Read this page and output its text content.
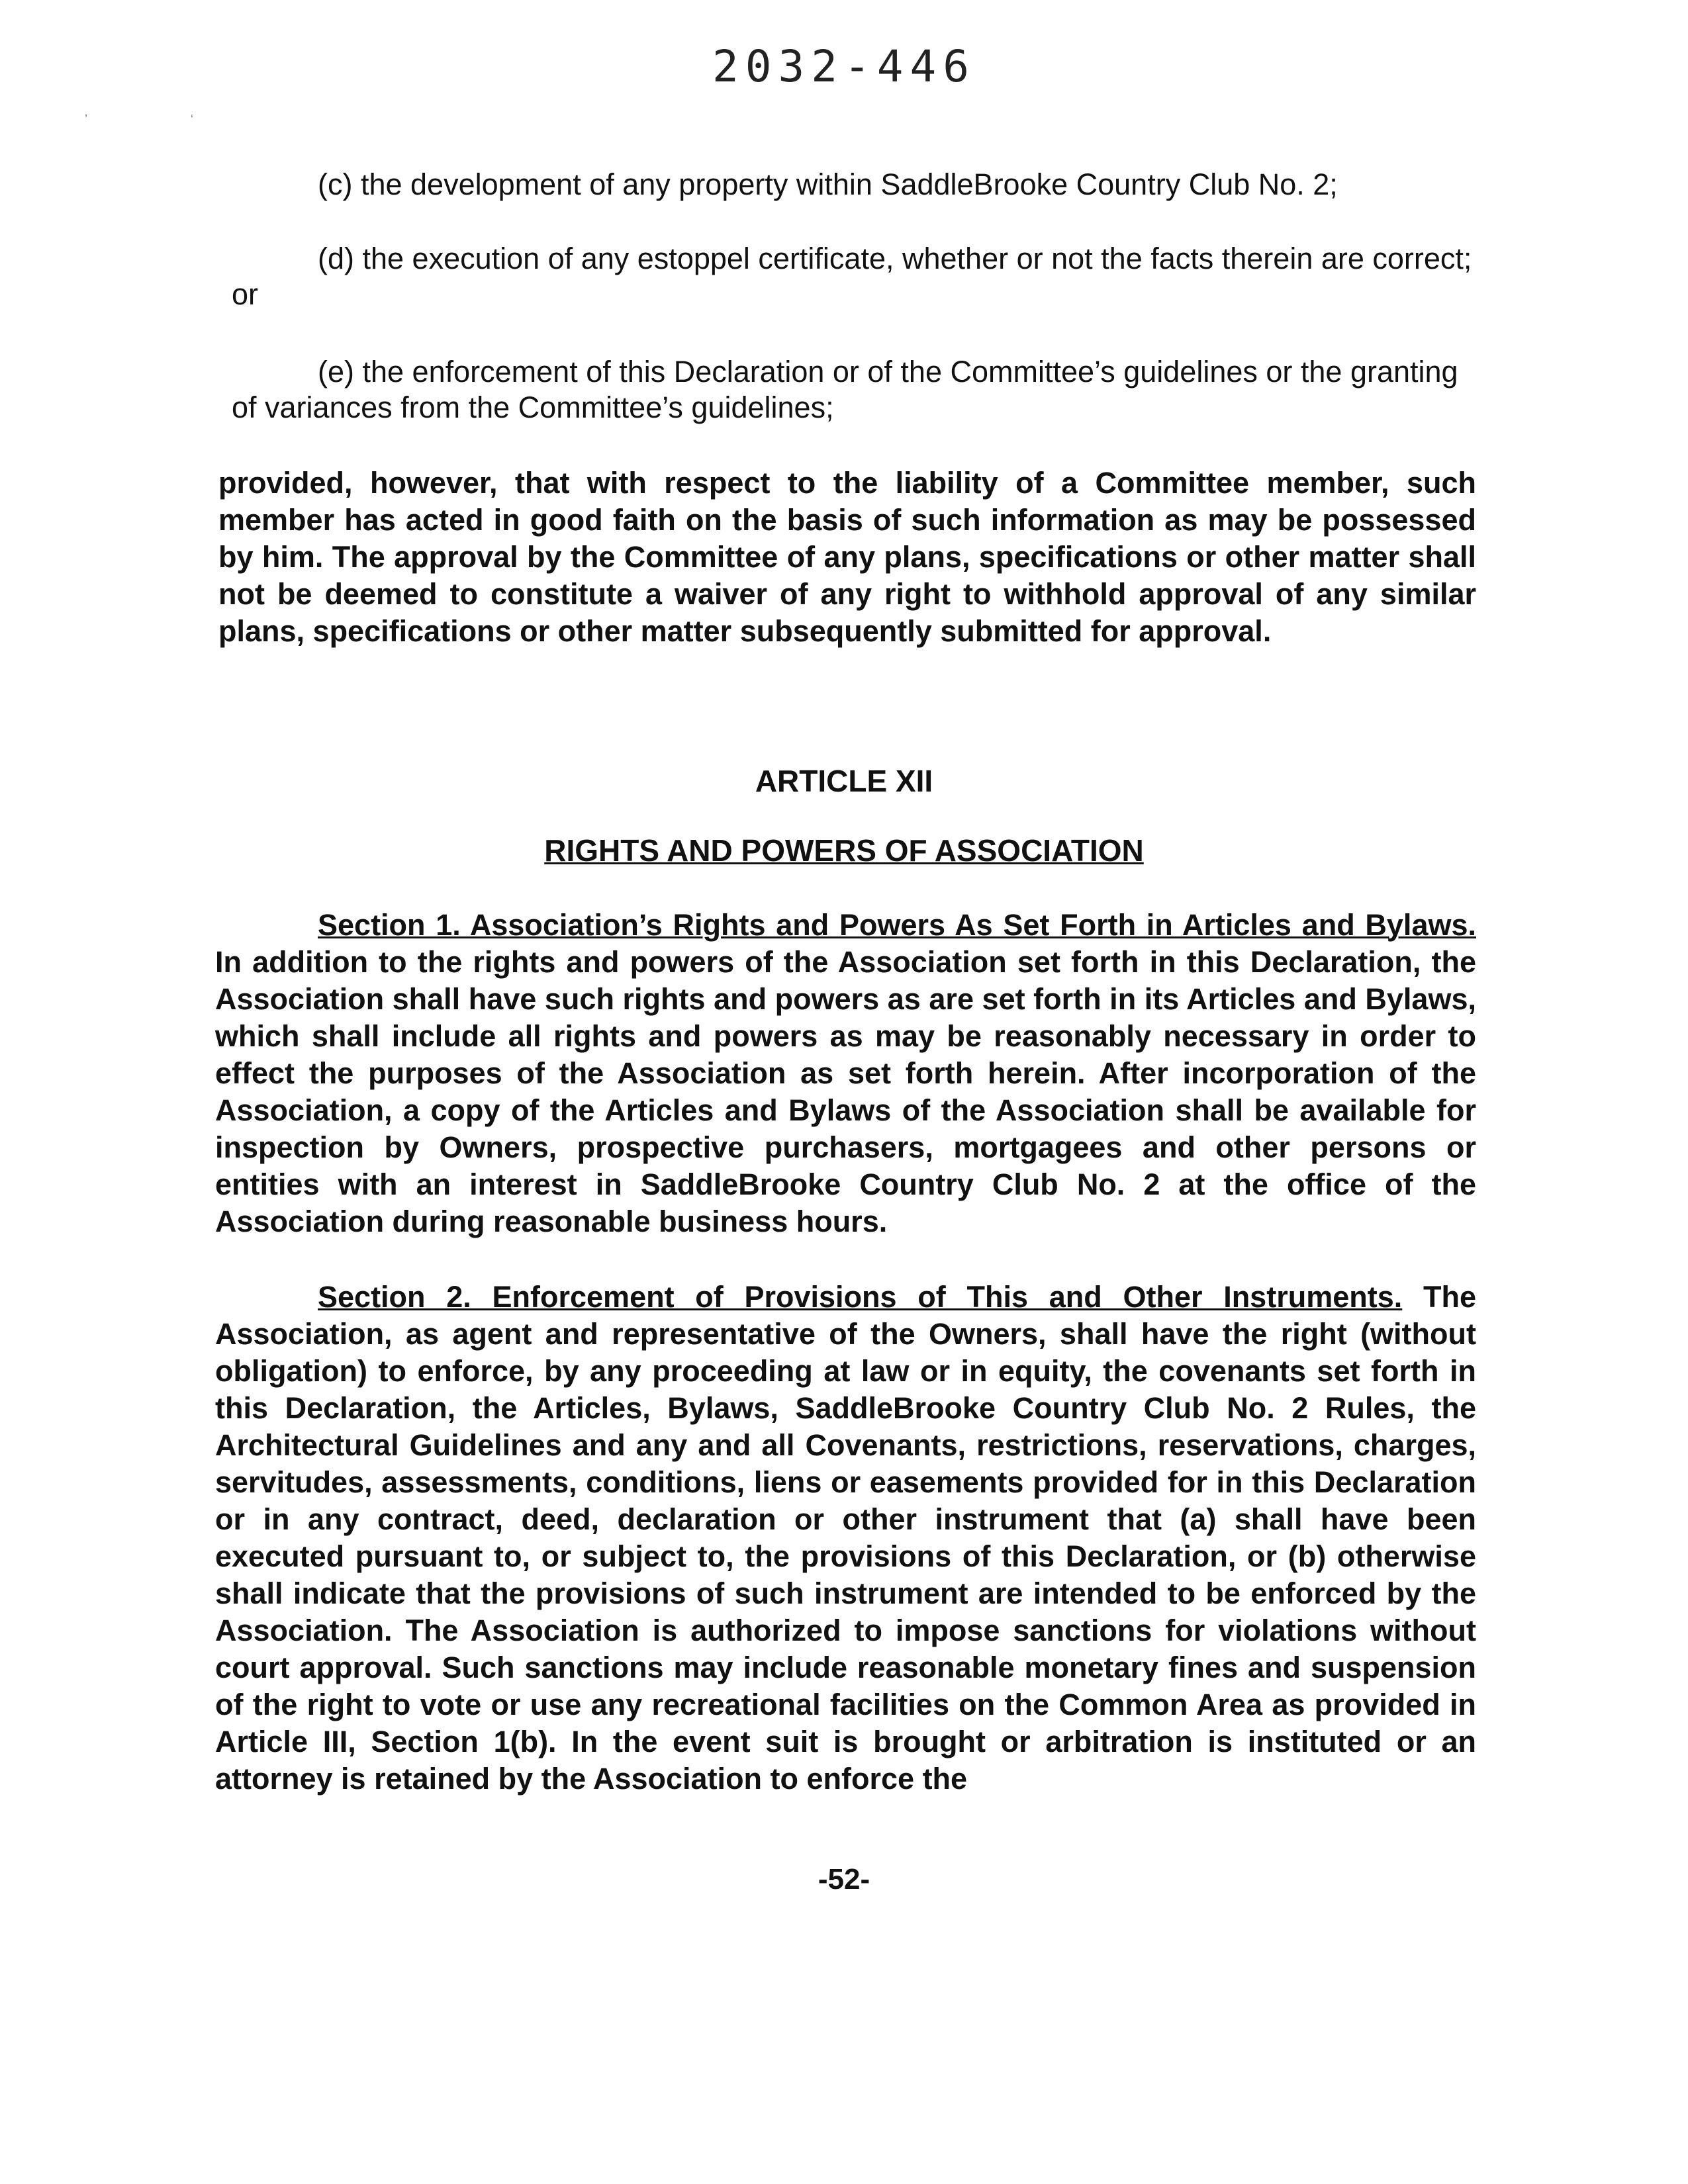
2032-446
’	‘
(c) the development of any property within SaddleBrooke Country Club No. 2;
(d) the execution of any estoppel certificate, whether or not the facts therein are correct; or
(e) the enforcement of this Declaration or of the Committee’s guidelines or the granting of variances from the Committee’s guidelines;
provided, however, that with respect to the liability of a Committee member, such member has acted in good faith on the basis of such information as may be possessed by him. The approval by the Committee of any plans, specifications or other matter shall not be deemed to constitute a waiver of any right to withhold approval of any similar plans, specifications or other matter subsequently submitted for approval.
ARTICLE XII
RIGHTS AND POWERS OF ASSOCIATION
Section 1. Association’s Rights and Powers As Set Forth in Articles and Bylaws. In addition to the rights and powers of the Association set forth in this Declaration, the Association shall have such rights and powers as are set forth in its Articles and Bylaws, which shall include all rights and powers as may be reasonably necessary in order to effect the purposes of the Association as set forth herein. After incorporation of the Association, a copy of the Articles and Bylaws of the Association shall be available for inspection by Owners, prospective purchasers, mortgagees and other persons or entities with an interest in SaddleBrooke Country Club No. 2 at the office of the Association during reasonable business hours.
Section 2. Enforcement of Provisions of This and Other Instruments. The Association, as agent and representative of the Owners, shall have the right (without obligation) to enforce, by any proceeding at law or in equity, the covenants set forth in this Declaration, the Articles, Bylaws, SaddleBrooke Country Club No. 2 Rules, the Architectural Guidelines and any and all Covenants, restrictions, reservations, charges, servitudes, assessments, conditions, liens or easements provided for in this Declaration or in any contract, deed, declaration or other instrument that (a) shall have been executed pursuant to, or subject to, the provisions of this Declaration, or (b) otherwise shall indicate that the provisions of such instrument are intended to be enforced by the Association. The Association is authorized to impose sanctions for violations without court approval. Such sanctions may include reasonable monetary fines and suspension of the right to vote or use any recreational facilities on the Common Area as provided in Article III, Section 1(b). In the event suit is brought or arbitration is instituted or an attorney is retained by the Association to enforce the
-52-
